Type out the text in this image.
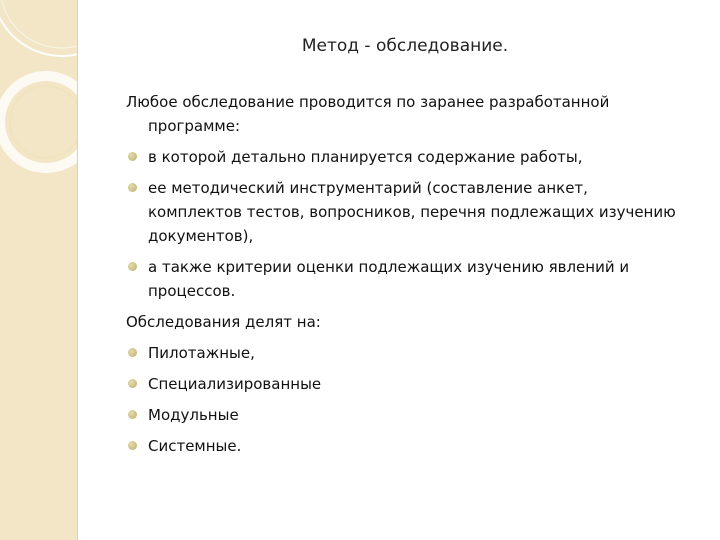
Метод - обследование.
Любое обследование проводится по заранее разработанной программе:
в которой детально планируется содержание работы,
ее методический инструментарий (составление анкет, комплектов тестов, вопросников, перечня подлежащих изучению документов),
а также критерии оценки подлежащих изучению явлений и процессов.
Обследования делят на:
Пилотажные,
Специализированные
Модульные
Системные.
